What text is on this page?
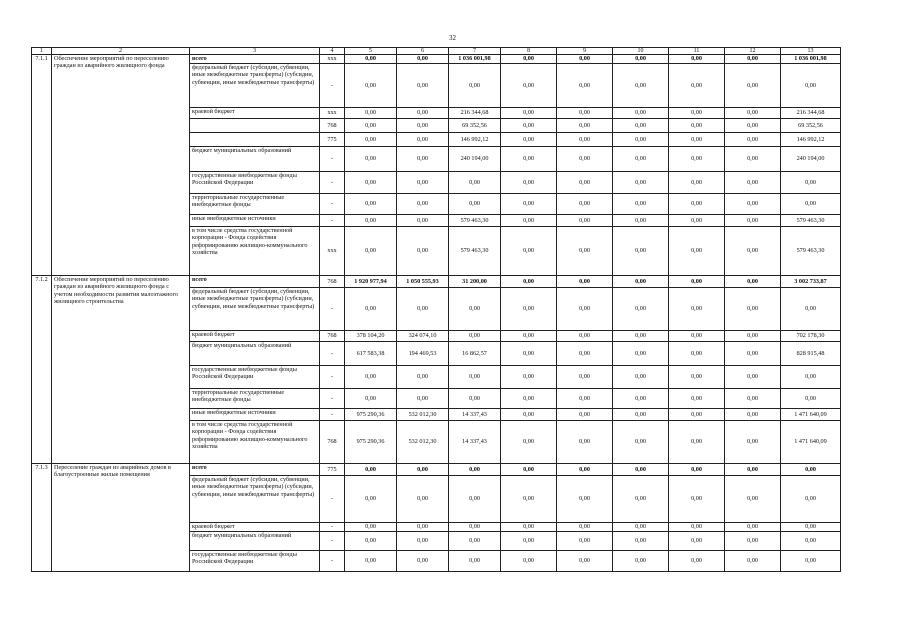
32
1	2	3	4	5	6	7	8	9	10	11	12	13
7.1.1	Обеспечение мероприятий по переселению граждан из аварийного жилищного фонда	всего	ххх	0,00	0,00	1 036 001,98	0,00	0,00	0,00	0,00	0,00	1 036 001,98
		федеральный бюджет (субсидии, субвенции, иные межбюджетные трансферты) (субсидии, субвенции, иные межбюджетные трансферты)	-	0,00	0,00	0,00	0,00	0,00	0,00	0,00	0,00	0,00
		краевой бюджет	ххх	0,00	0,00	216 344,68	0,00	0,00	0,00	0,00	0,00	216 344,68
			768	0,00	0,00	69 352,56	0,00	0,00	0,00	0,00	0,00	69 352,56
			775	0,00	0,00	146 992,12	0,00	0,00	0,00	0,00	0,00	146 992,12
		бюджет муниципальных образований	-	0,00	0,00	240 194,00	0,00	0,00	0,00	0,00	0,00	240 194,00
		государственные внебюджетные фонды Российской Федерации	-	0,00	0,00	0,00	0,00	0,00	0,00	0,00	0,00	0,00
		территориальные государственные внебюджетные фонды	-	0,00	0,00	0,00	0,00	0,00	0,00	0,00	0,00	0,00
		иные внебюджетные источники	-	0,00	0,00	579 463,30	0,00	0,00	0,00	0,00	0,00	579 463,30
		в том числе средства государственной корпорации - Фонда содействия реформированию жилищно-коммунального хозяйства	ххх	0,00	0,00	579 463,30	0,00	0,00	0,00	0,00	0,00	579 463,30
7.1.2	Обеспечение мероприятий по переселению граждан из аварийного жилищного фонда с учетом необходимости развития малоэтажного жилищного строительства	всего	768	1 920 977,94	1 050 555,93	31 200,00	0,00	0,00	0,00	0,00	0,00	3 002 733,87
		федеральный бюджет (субсидии, субвенции, иные межбюджетные трансферты) (субсидии, субвенции, иные межбюджетные трансферты)	-	0,00	0,00	0,00	0,00	0,00	0,00	0,00	0,00	0,00
		краевой бюджет	768	378 104,20	324 074,10	0,00	0,00	0,00	0,00	0,00	0,00	702 178,30
		бюджет муниципальных образований	-	617 583,38	194 469,53	16 862,57	0,00	0,00	0,00	0,00	0,00	828 915,48
		государственные внебюджетные фонды Российской Федерации	-	0,00	0,00	0,00	0,00	0,00	0,00	0,00	0,00	0,00
		территориальные государственные внебюджетные фонды	-	0,00	0,00	0,00	0,00	0,00	0,00	0,00	0,00	0,00
		иные внебюджетные источники	-	975 290,36	532 012,30	14 337,43	0,00	0,00	0,00	0,00	0,00	1 471 640,09
		в том числе средства государственной корпорации - Фонда содействия реформированию жилищно-коммунального хозяйства	768	975 290,36	532 012,30	14 337,43	0,00	0,00	0,00	0,00	0,00	1 471 640,09
7.1.3	Переселение граждан из аварийных домов в благоустроенные жилые помещения	всего	775	0,00	0,00	0,00	0,00	0,00	0,00	0,00	0,00	0,00
		федеральный бюджет (субсидии, субвенции, иные межбюджетные трансферты) (субсидии, субвенции, иные межбюджетные трансферты)	-	0,00	0,00	0,00	0,00	0,00	0,00	0,00	0,00	0,00
		краевой бюджет	-	0,00	0,00	0,00	0,00	0,00	0,00	0,00	0,00	0,00
		бюджет муниципальных образований	-	0,00	0,00	0,00	0,00	0,00	0,00	0,00	0,00	0,00
		государственные внебюджетные фонды Российской Федерации	-	0,00	0,00	0,00	0,00	0,00	0,00	0,00	0,00	0,00
